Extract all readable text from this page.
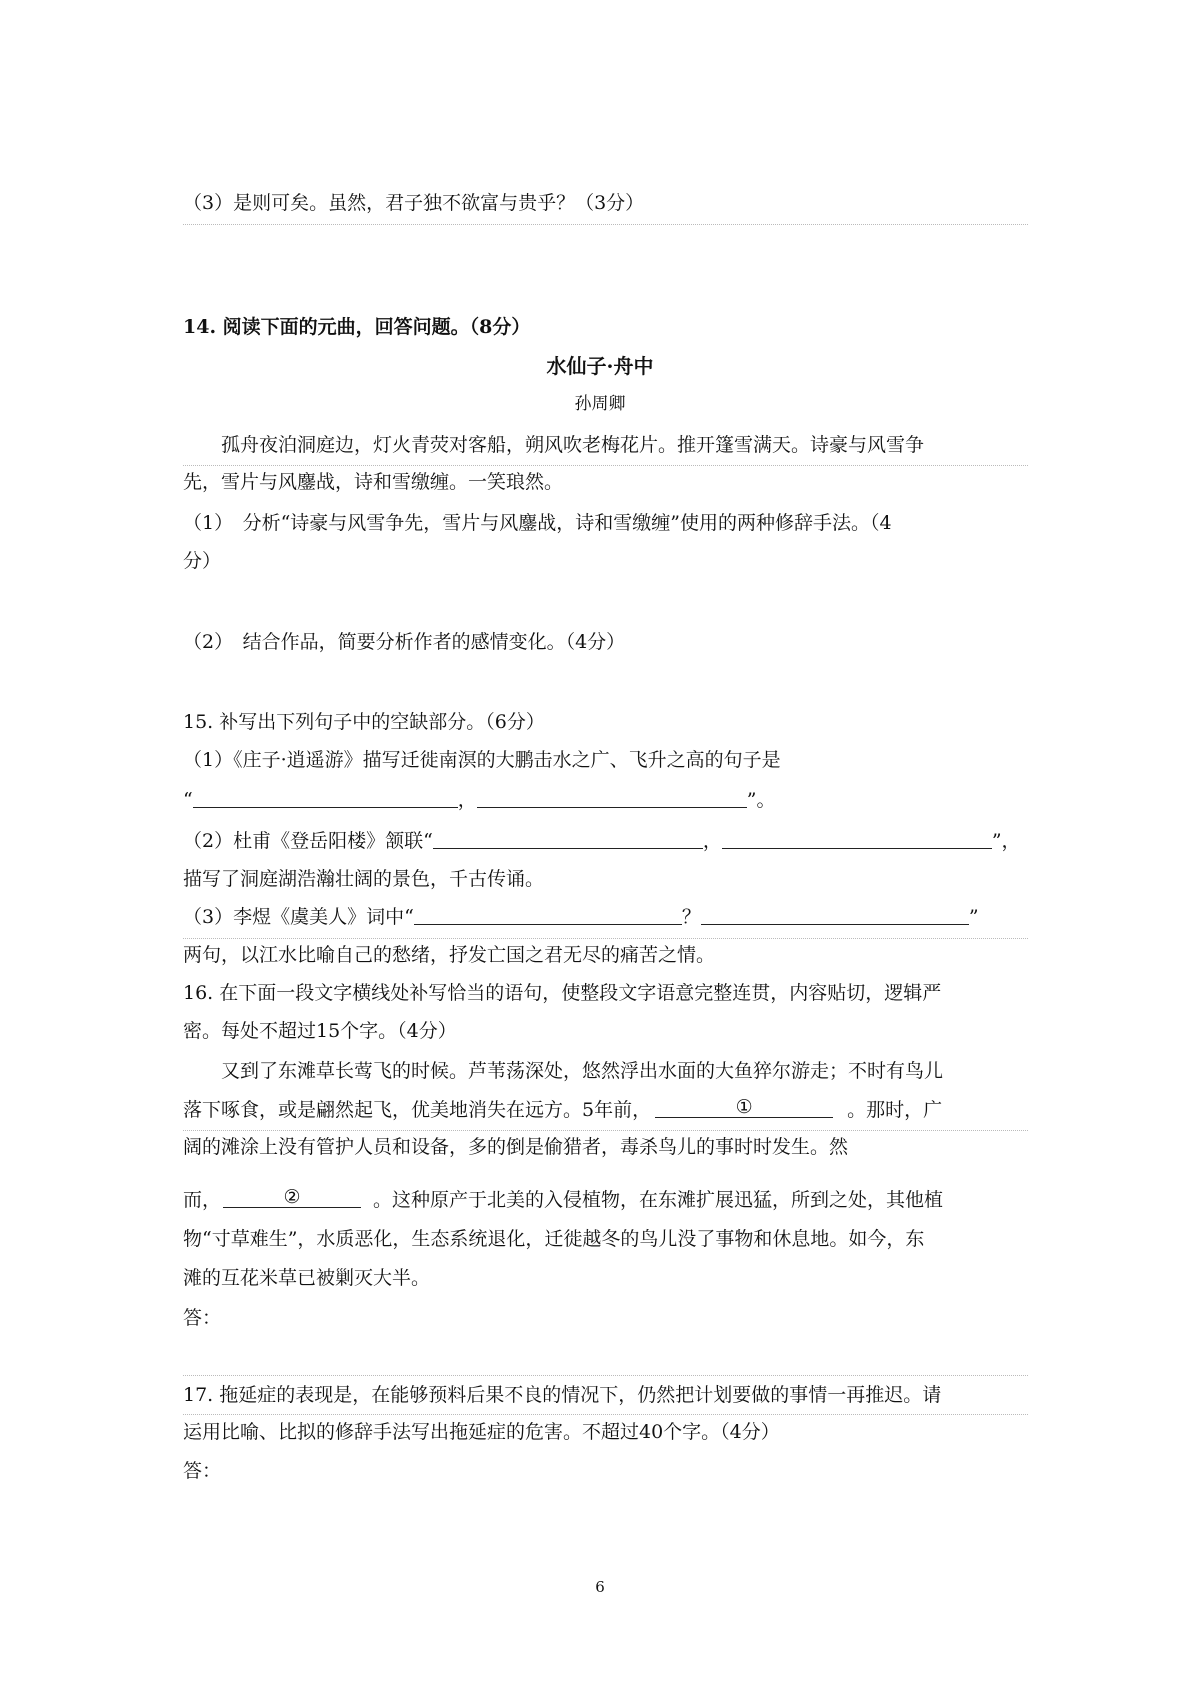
（3）是则可矣。虽然，君子独不欲富与贵乎？（3分）
14. 阅读下面的元曲，回答问题。（8分）
水仙子·舟中
孙周卿
孤舟夜泊洞庭边，灯火青荧对客船，朔风吹老梅花片。推开篷雪满天。诗豪与风雪争
先，雪片与风鏖战，诗和雪缴缠。一笑琅然。
（1）　分析“诗豪与风雪争先，雪片与风鏖战，诗和雪缴缠”使用的两种修辞手法。（4
分）
（2）　结合作品，简要分析作者的感情变化。（4分）
15. 补写出下列句子中的空缺部分。（6分）
（1）《庄子·逍遥游》描写迁徙南溟的大鹏击水之广、飞升之高的句子是
“	，	”。
（2）杜甫《登岳阳楼》颔联“	，	”，
描写了洞庭湖浩瀚壮阔的景色，千古传诵。
（3）李煜《虞美人》词中“	？	”
两句，以江水比喻自己的愁绪，抒发亡国之君无尽的痛苦之情。
16. 在下面一段文字横线处补写恰当的语句，使整段文字语意完整连贯，内容贴切，逻辑严
密。每处不超过15个字。（4分）
又到了东滩草长莺飞的时候。芦苇荡深处，悠然浮出水面的大鱼猝尔游走；不时有鸟儿
落下啄食，或是翩然起飞，优美地消失在远方。5年前，	①	。那时，广
阔的滩涂上没有管护人员和设备，多的倒是偷猎者，毒杀鸟儿的事时时发生。然
而，	②	。这种原产于北美的入侵植物，在东滩扩展迅猛，所到之处，其他植
物“寸草难生”，水质恶化，生态系统退化，迁徙越冬的鸟儿没了事物和休息地。如今，东
滩的互花米草已被剿灭大半。
答：
17. 拖延症的表现是，在能够预料后果不良的情况下，仍然把计划要做的事情一再推迟。请
运用比喻、比拟的修辞手法写出拖延症的危害。不超过40个字。（4分）
答：
6
